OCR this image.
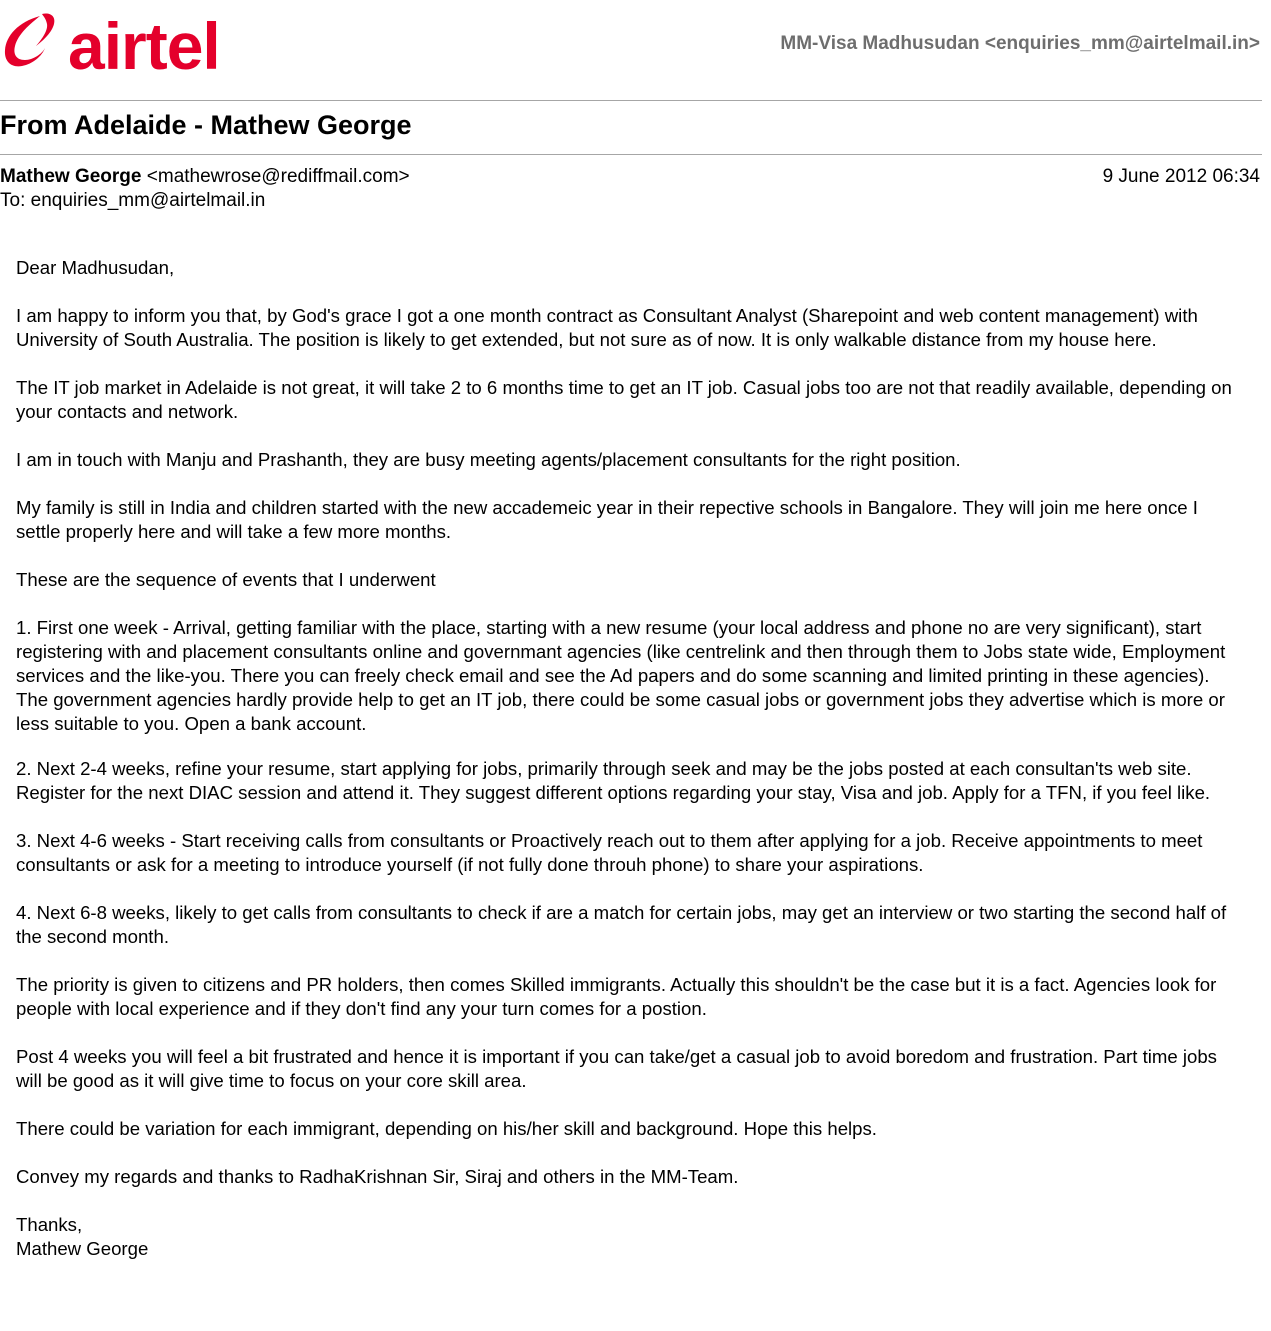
airtel	MM-Visa Madhusudan <enquiries_mm@airtelmail.in>
From Adelaide - Mathew George
Mathew George <mathewrose@rediffmail.com>	9 June 2012 06:34
To: enquiries_mm@airtelmail.in

Dear Madhusudan,

I am happy to inform you that, by God's grace I got a one month contract as Consultant Analyst (Sharepoint and web content management) with University of South Australia. The position is likely to get extended, but not sure as of now. It is only walkable distance from my house here.

The IT job market in Adelaide is not great, it will take 2 to 6 months time to get an IT job. Casual jobs too are not that readily available, depending on your contacts and network.

I am in touch with Manju and Prashanth, they are busy meeting agents/placement consultants for the right position.

My family is still in India and children started with the new accademeic year in their repective schools in Bangalore. They will join me here once I settle properly here and will take a few more months.

These are the sequence of events that I underwent

1. First one week - Arrival, getting familiar with the place, starting with a new resume (your local address and phone no are very significant), start registering with and placement consultants online and governmant agencies (like centrelink and then through them to Jobs state wide, Employment services and the like-you. There you can freely check email and see the Ad papers and do some scanning and limited printing in these agencies). The government agencies hardly provide help to get an IT job, there could be some casual jobs or government jobs they advertise which is more or less suitable to you. Open a bank account.

2. Next 2-4 weeks, refine your resume, start applying for jobs, primarily through seek and may be the jobs posted at each consultan'ts web site. Register for the next DIAC session and attend it. They suggest different options regarding your stay, Visa and job. Apply for a TFN, if you feel like.

3. Next 4-6 weeks - Start receiving calls from consultants or Proactively reach out to them after applying for a job. Receive appointments to meet consultants or ask for a meeting to introduce yourself (if not fully done throuh phone) to share your aspirations.

4. Next 6-8 weeks, likely to get calls from consultants to check if are a match for certain jobs, may get an interview or two starting the second half of the second month.

The priority is given to citizens and PR holders, then comes Skilled immigrants. Actually this shouldn't be the case but it is a fact. Agencies look for people with local experience and if they don't find any your turn comes for a postion.

Post 4 weeks you will feel a bit frustrated and hence it is important if you can take/get a casual job to avoid boredom and frustration. Part time jobs will be good as it will give time to focus on your core skill area.

There could be variation for each immigrant, depending on his/her skill and background. Hope this helps.

Convey my regards and thanks to RadhaKrishnan Sir, Siraj and others in the MM-Team.

Thanks,
Mathew George
